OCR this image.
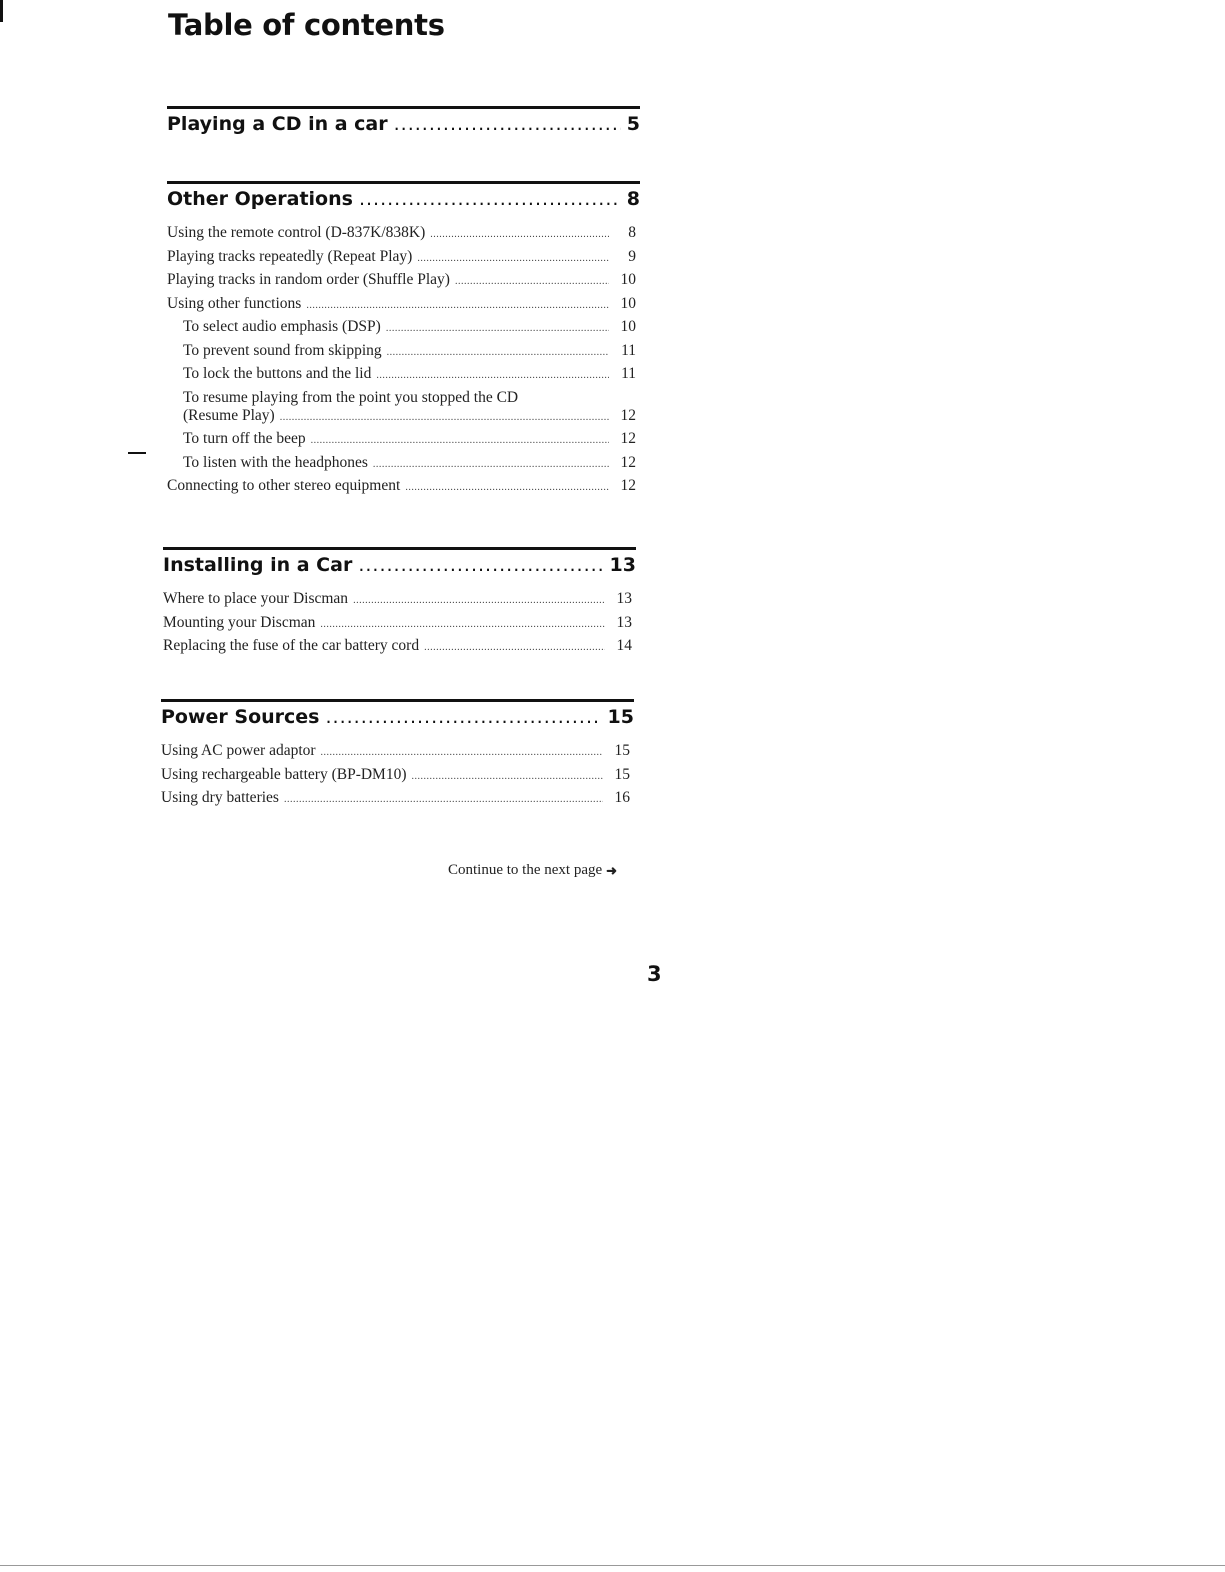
Table of contents
Playing a CD in a car .....	5
Other Operations .....	8
Using the remote control (D-837K/838K) .....	8
Playing tracks repeatedly (Repeat Play) .....	9
Playing tracks in random order (Shuffle Play) .....	10
Using other functions .....	10
To select audio emphasis (DSP) .....	10
To prevent sound from skipping .....	11
To lock the buttons and the lid .....	11
To resume playing from the point you stopped the CD
(Resume Play) .....	12
To turn off the beep .....	12
To listen with the headphones .....	12
Connecting to other stereo equipment .....	12
Installing in a Car .....	13
Where to place your Discman .....	13
Mounting your Discman .....	13
Replacing the fuse of the car battery cord .....	14
Power Sources .....	15
Using AC power adaptor .....	15
Using rechargeable battery (BP-DM10) .....	15
Using dry batteries .....	16
Continue to the next page ➜
3
